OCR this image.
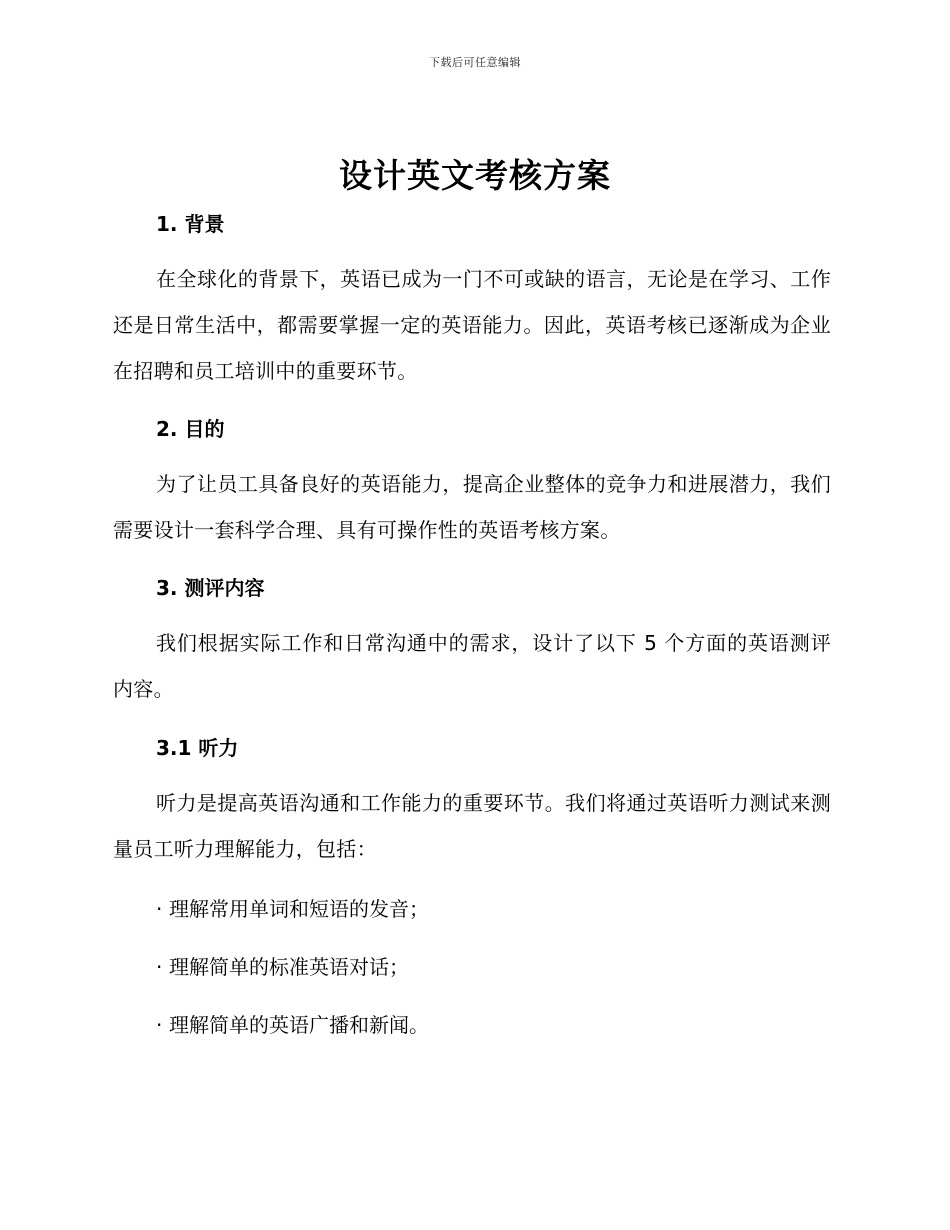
下载后可任意编辑
设计英文考核方案
1. 背景
在全球化的背景下，英语已成为一门不可或缺的语言，无论是在学习、工作还是日常生活中，都需要掌握一定的英语能力。因此，英语考核已逐渐成为企业在招聘和员工培训中的重要环节。
2. 目的
为了让员工具备良好的英语能力，提高企业整体的竞争力和进展潜力，我们需要设计一套科学合理、具有可操作性的英语考核方案。
3. 测评内容
我们根据实际工作和日常沟通中的需求，设计了以下 5 个方面的英语测评内容。
3.1 听力
听力是提高英语沟通和工作能力的重要环节。我们将通过英语听力测试来测量员工听力理解能力，包括：
· 理解常用单词和短语的发音；
· 理解简单的标准英语对话；
· 理解简单的英语广播和新闻。
